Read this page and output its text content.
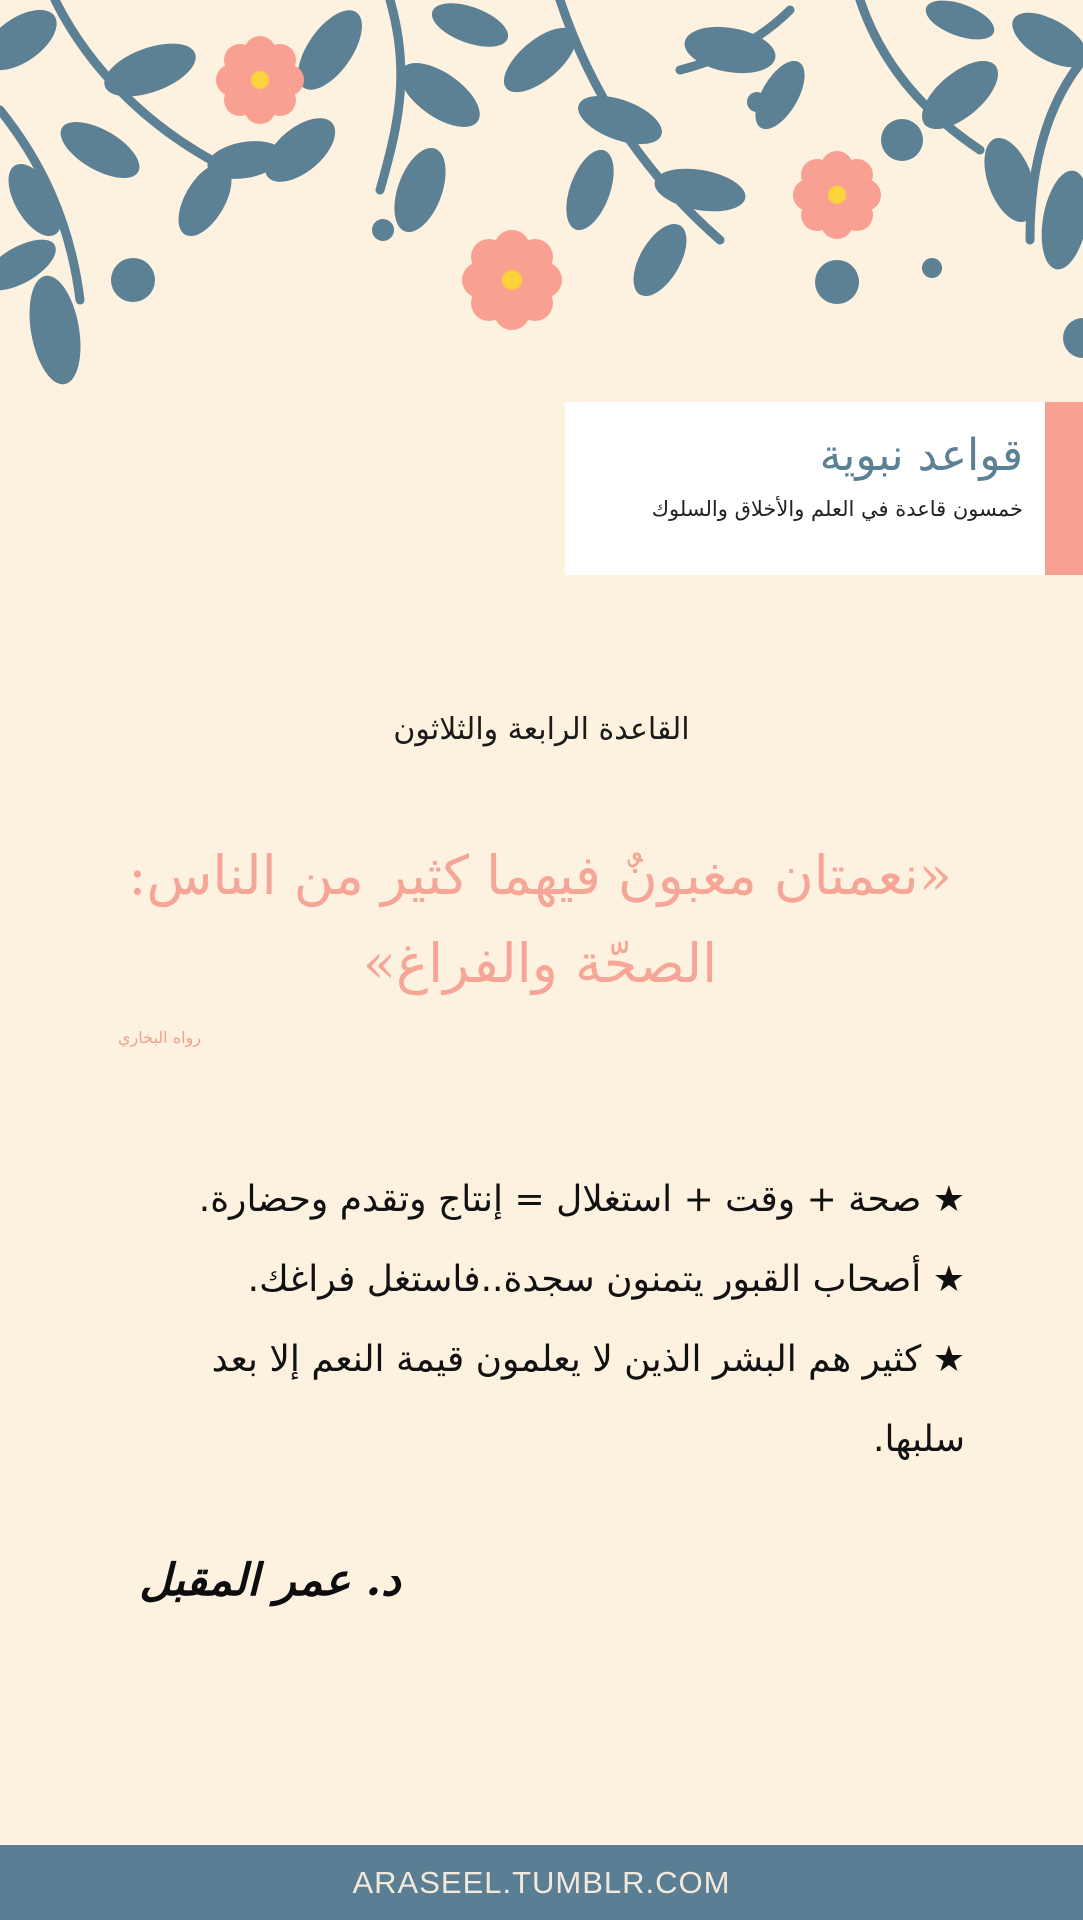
قواعد نبوية
خمسون قاعدة في العلم والأخلاق والسلوك
القاعدة الرابعة والثلاثون
«نعمتان مغبونٌ فيهما كثير من الناس: الصحّة والفراغ»
رواه البخاري

★ صحة + وقت + استغلال = إنتاج وتقدم وحضارة.

★ أصحاب القبور يتمنون سجدة..فاستغل فراغك.

★ كثير هم البشر الذين لا يعلمون قيمة النعم إلا بعد سلبها.

د. عمر المقبل
ARASEEL.TUMBLR.COM
